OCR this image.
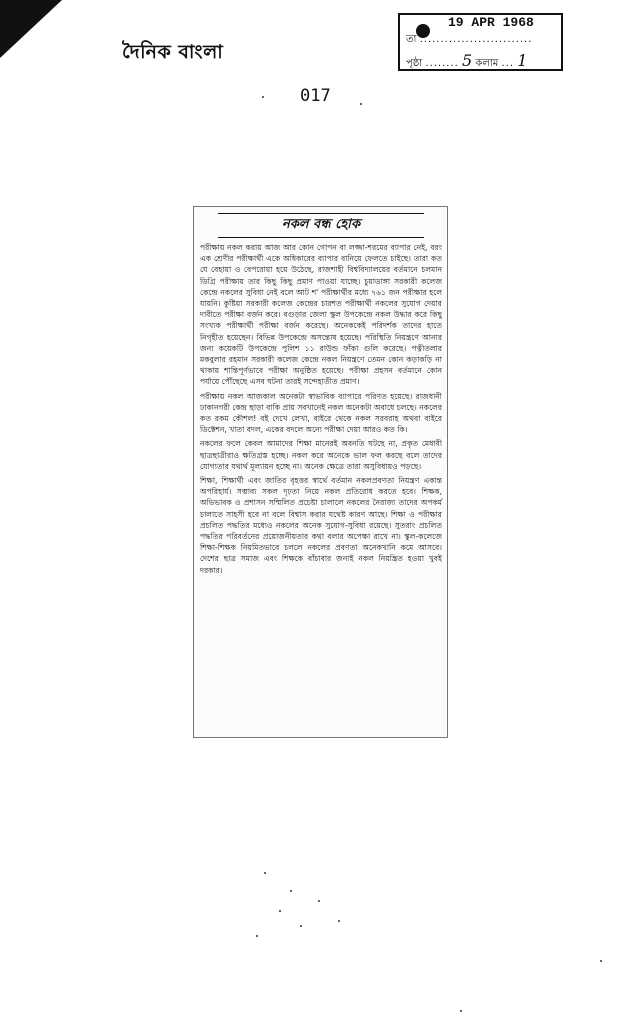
দৈনিক বাংলা
017
19 APR 1968
তা ...........................
পৃষ্ঠা ........ 5 কলাম ... 1
নকল বন্ধ হোক

পরীক্ষায় নকল করায় আজ আর কোন গোপন বা লজ্জা-শরমের ব্যাপার নেই, বরং এক শ্রেণীর পরীক্ষার্থী একে অধিকারের ব্যাপার বানিয়ে ফেলতে চাইছে। তারা কত যে বেহায়া ও বেপরোয়া হয়ে উঠেছে, রাজশাহী বিশ্ববিদ্যালয়ের বর্তমানে চলমান ডিগ্রি পরীক্ষায় তার কিছু কিছু প্রমাণ পাওয়া যাচ্ছে। চুয়াডাঙ্গা সরকারী কলেজ কেন্দ্রে নকলের সুবিধা নেই বলে আট শ' পরীক্ষার্থীর মধ্যে ৭৬১ জন পরীক্ষার হলে যায়নি। কুষ্টিয়া সরকারী কলেজ কেন্দ্রের চারশত পরীক্ষার্থী নকলের সুযোগ দেয়ার দাবীতে পরীক্ষা বর্জন করে। বগুড়ার জেলা স্কুল উপকেন্দ্রে নকল উদ্ধার করে কিছু সংখ্যক পরীক্ষার্থী পরীক্ষা বর্জন করেছে। অনেককেই পরিদর্শক তাদের হাতে নিগৃহীত হয়েছেন। বিভিন্ন উপকেন্দ্রে অসন্তোষ হয়েছে। পরিস্থিতি নিয়ন্ত্রণে আনার জন্য কয়েকটি উপকেন্দ্রে পুলিশ ১১ রাউন্ড ফাঁকা গুলি করেছে। পত্নীতলার মকবুলার রহমান সরকারী কলেজ কেন্দ্রে নকল নিয়ন্ত্রণে তেমন কোন কড়াকড়ি না থাকায় শান্তিপূর্ণভাবে পরীক্ষা অনুষ্ঠিত হয়েছে। পরীক্ষা প্রহসন বর্তমানে কোন পর্যায়ে পৌঁছেছে এসব ঘটনা তারই সন্দেহাতীত প্রমাণ।

পরীক্ষায় নকল আজকাল অনেকটা স্বাভাবিক ব্যাপারে পরিণত হয়েছে। রাজধানী ঢাকানগরী কেন্দ্র ছাড়া বাকি প্রায় সবখানেই নকল অনেকটা অবাধে চলছে। নকলের কত রকম কৌশল! বই দেখে লেখা, বাইরে থেকে নকল সরবরাহ অথবা বাইরে ডিক্টেশন, খাতা বদল, একের বদলে অন্যে পরীক্ষা দেয়া আরও কত কি।

নকলের ফলে কেবল আমাদের শিক্ষা মানেরই অবনতি ঘটছে না, প্রকৃত মেধাবী ছাত্রছাত্রীরাও ক্ষতিগ্রস্ত হচ্ছে। নকল করে অনেকে ভাল ফল করছে বলে তাদের যোগ্যতার যথার্থ মূল্যায়ন হচ্ছে না। অনেক ক্ষেত্রে তারা অসুবিধায়ও পড়ছে।

শিক্ষা, শিক্ষার্থী এবং জাতির বৃহত্তর স্বার্থে বর্তমান নকলপ্রবণতা নিয়ন্ত্রণ একান্ত অপরিহার্য। সম্ভাব্য সকল দৃঢ়তা নিয়ে নকল প্রতিরোধ করতে হবে। শিক্ষক, অভিভাবক ও প্রশাসন সম্মিলিত প্রচেষ্টা চালালে নকলের নৈরাজ্য তাদের অপকর্ম চালাতে সাহসী হবে না বলে বিশ্বাস করার যথেষ্ট কারণ আছে। শিক্ষা ও পরীক্ষার প্রচলিত পদ্ধতির মধ্যেও নকলের অনেক সুযোগ-সুবিধা রয়েছে। সুতরাং প্রচলিত পদ্ধতির পরিবর্তনের প্রয়োজনীয়তার কথা বলার অপেক্ষা রাখে না। স্কুল-কলেজে শিক্ষা-শিক্ষক নিয়মিতভাবে চললে নকলের প্রবণতা অনেকখানি কমে আসবে। দেশের ছাত্র সমাজ এবং শিক্ষকে বাঁচাবার জন্যই নকল নিয়ন্ত্রিত হওয়া খুবই দরকার।
